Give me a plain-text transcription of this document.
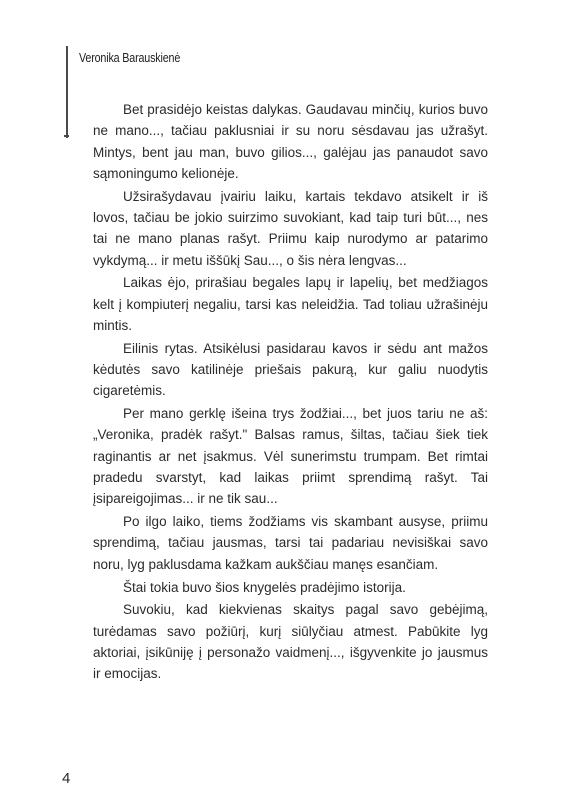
Veronika Barauskienė

Bet prasidėjo keistas dalykas. Gaudavau minčių, kurios buvo ne mano..., tačiau paklusniai ir su noru sėsdavau jas užrašyt. Mintys, bent jau man, buvo gilios..., galėjau jas panaudot savo sąmoningumo kelionėje.

Užsirašydavau įvairiu laiku, kartais tekdavo atsikelt ir iš lovos, tačiau be jokio suirzimo suvokiant, kad taip turi būt..., nes tai ne mano planas rašyt. Priimu kaip nurodymo ar patarimo vykdymą... ir metu iššūkį Sau..., o šis nėra lengvas...

Laikas ėjo, prirašiau begales lapų ir lapelių, bet medžiagos kelt į kompiuterį negaliu, tarsi kas neleidžia. Tad toliau užrašinėju mintis.

Eilinis rytas. Atsikėlusi pasidarau kavos ir sėdu ant mažos kėdutės savo katilinėje priešais pakurą, kur galiu nuodytis cigaretėmis.

Per mano gerklę išeina trys žodžiai..., bet juos tariu ne aš: „Veronika, pradėk rašyt." Balsas ramus, šiltas, tačiau šiek tiek raginantis ar net įsakmus. Vėl sunerimstu trumpam. Bet rimtai pradedu svarstyt, kad laikas priimt sprendimą rašyt. Tai įsipareigojimas... ir ne tik sau...

Po ilgo laiko, tiems žodžiams vis skambant ausyse, priimu sprendimą, tačiau jausmas, tarsi tai padariau nevisiškai savo noru, lyg paklusdama kažkam aukščiau manęs esančiam.

Štai tokia buvo šios knygelės pradėjimo istorija.

Suvokiu, kad kiekvienas skaitys pagal savo gebėjimą, turėdamas savo požiūrį, kurį siūlyčiau atmest. Pabūkite lyg aktoriai, įsikūniję į personažo vaidmenį..., išgyvenkite jo jausmus ir emocijas.

4
